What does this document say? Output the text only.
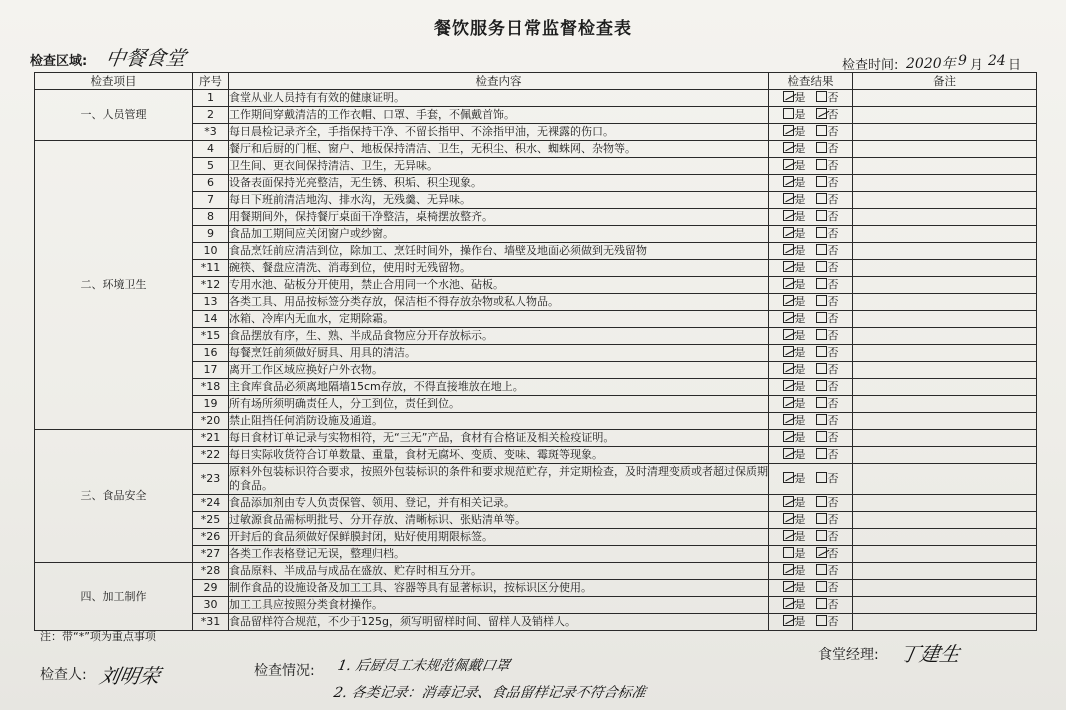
餐饮服务日常监督检查表
检查区域: 中餐食堂	检查时间: 2020年 9 月 24 日
检查项目	序号	检查内容	检查结果	备注
一、人员管理	1	食堂从业人员持有有效的健康证明。	是 否	
	2	工作期间穿戴清洁的工作衣帽、口罩、手套，不佩戴首饰。	是 否	
	*3	每日晨检记录齐全，手指保持干净、不留长指甲、不涂指甲油，无裸露的伤口。	是 否	
二、环境卫生	4	餐厅和后厨的门框、窗户、地板保持清洁、卫生，无积尘、积水、蜘蛛网、杂物等。	是 否	
	5	卫生间、更衣间保持清洁、卫生，无异味。	是 否	
	6	设备表面保持光亮整洁，无生锈、积垢、积尘现象。	是 否	
	7	每日下班前清洁地沟、排水沟，无残羹、无异味。	是 否	
	8	用餐期间外，保持餐厅桌面干净整洁，桌椅摆放整齐。	是 否	
	9	食品加工期间应关闭窗户或纱窗。	是 否	
	10	食品烹饪前应清洁到位，除加工、烹饪时间外，操作台、墙壁及地面必须做到无残留物	是 否	
	*11	碗筷、餐盘应清洗、消毒到位，使用时无残留物。	是 否	
	*12	专用水池、砧板分开使用，禁止合用同一个水池、砧板。	是 否	
	13	各类工具、用品按标签分类存放，保洁柜不得存放杂物或私人物品。	是 否	
	14	冰箱、冷库内无血水，定期除霜。	是 否	
	*15	食品摆放有序，生、熟、半成品食物应分开存放标示。	是 否	
	16	每餐烹饪前须做好厨具、用具的清洁。	是 否	
	17	离开工作区域应换好户外衣物。	是 否	
	*18	主食库食品必须离地隔墙15cm存放，不得直接堆放在地上。	是 否	
	19	所有场所须明确责任人，分工到位，责任到位。	是 否	
	*20	禁止阻挡任何消防设施及通道。	是 否	
三、食品安全	*21	每日食材订单记录与实物相符，无“三无”产品，食材有合格证及相关检疫证明。	是 否	
	*22	每日实际收货符合订单数量、重量，食材无腐坏、变质、变味、霉斑等现象。	是 否	
	*23	原料外包装标识符合要求，按照外包装标识的条件和要求规范贮存，并定期检查，及时清理变质或者超过保质期的食品。	是 否	
	*24	食品添加剂由专人负责保管、领用、登记，并有相关记录。	是 否	
	*25	过敏源食品需标明批号、分开存放、清晰标识、张贴清单等。	是 否	
	*26	开封后的食品须做好保鲜膜封闭，贴好使用期限标签。	是 否	
	*27	各类工作表格登记无误，整理归档。	是 否	
四、加工制作	*28	食品原料、半成品与成品在盛放、贮存时相互分开。	是 否	
	29	制作食品的设施设备及加工工具、容器等具有显著标识，按标识区分使用。	是 否	
	30	加工工具应按照分类食材操作。	是 否	
	*31	食品留样符合规范，不少于125g，须写明留样时间、留样人及销样人。	是 否	
注：带“*”项为重点事项
检查人: 刘明荣	检查情况: 1. 后厨员工未规范佩戴口罩
2. 各类记录：消毒记录、食品留样记录不符合标准
食堂经理: 丁建生
